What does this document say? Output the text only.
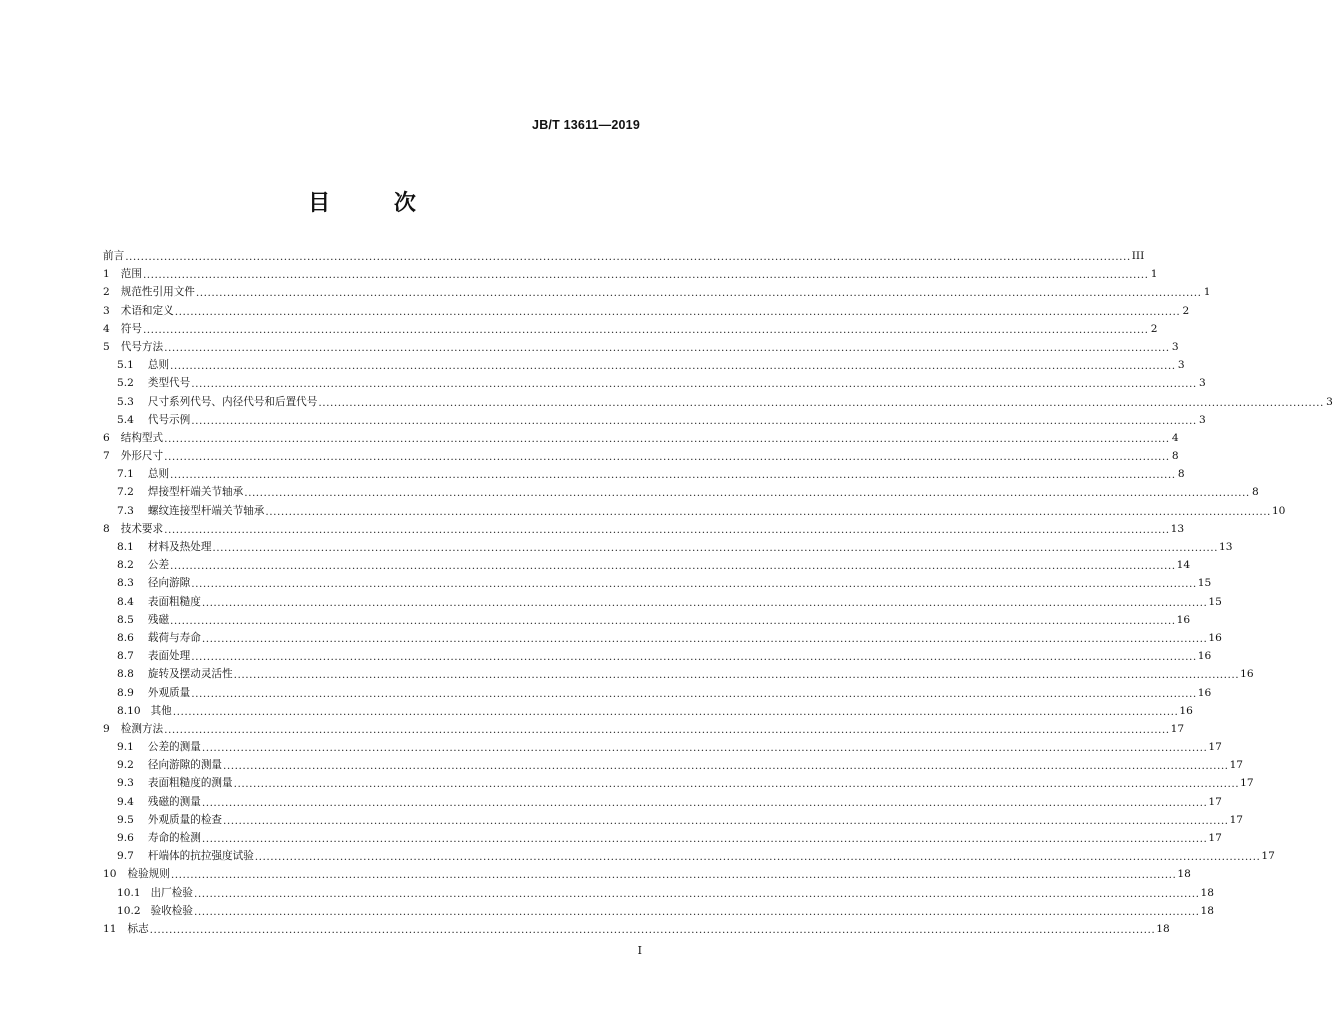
JB/T 13611—2019
目 次
前言 .................................................................................................................................................................................................................................................................... III
1 范围 .................................................................................................................................................................................................................................................................... 1
2 规范性引用文件 .................................................................................................................................................................................................................................................................... 1
3 术语和定义 .................................................................................................................................................................................................................................................................... 2
4 符号 .................................................................................................................................................................................................................................................................... 2
5 代号方法 .................................................................................................................................................................................................................................................................... 3
5.1 总则 .................................................................................................................................................................................................................................................................... 3
5.2 类型代号 .................................................................................................................................................................................................................................................................... 3
5.3 尺寸系列代号、内径代号和后置代号 .................................................................................................................................................................................................................................................................... 3
5.4 代号示例 .................................................................................................................................................................................................................................................................... 3
6 结构型式 .................................................................................................................................................................................................................................................................... 4
7 外形尺寸 .................................................................................................................................................................................................................................................................... 8
7.1 总则 .................................................................................................................................................................................................................................................................... 8
7.2 焊接型杆端关节轴承 .................................................................................................................................................................................................................................................................... 8
7.3 螺纹连接型杆端关节轴承 .................................................................................................................................................................................................................................................................... 10
8 技术要求 .................................................................................................................................................................................................................................................................... 13
8.1 材料及热处理 .................................................................................................................................................................................................................................................................... 13
8.2 公差 .................................................................................................................................................................................................................................................................... 14
8.3 径向游隙 .................................................................................................................................................................................................................................................................... 15
8.4 表面粗糙度 .................................................................................................................................................................................................................................................................... 15
8.5 残磁 .................................................................................................................................................................................................................................................................... 16
8.6 载荷与寿命 .................................................................................................................................................................................................................................................................... 16
8.7 表面处理 .................................................................................................................................................................................................................................................................... 16
8.8 旋转及摆动灵活性 .................................................................................................................................................................................................................................................................... 16
8.9 外观质量 .................................................................................................................................................................................................................................................................... 16
8.10 其他 .................................................................................................................................................................................................................................................................... 16
9 检测方法 .................................................................................................................................................................................................................................................................... 17
9.1 公差的测量 .................................................................................................................................................................................................................................................................... 17
9.2 径向游隙的测量 .................................................................................................................................................................................................................................................................... 17
9.3 表面粗糙度的测量 .................................................................................................................................................................................................................................................................... 17
9.4 残磁的测量 .................................................................................................................................................................................................................................................................... 17
9.5 外观质量的检查 .................................................................................................................................................................................................................................................................... 17
9.6 寿命的检测 .................................................................................................................................................................................................................................................................... 17
9.7 杆端体的抗拉强度试验 .................................................................................................................................................................................................................................................................... 17
10 检验规则 .................................................................................................................................................................................................................................................................... 18
10.1 出厂检验 .................................................................................................................................................................................................................................................................... 18
10.2 验收检验 .................................................................................................................................................................................................................................................................... 18
11 标志 .................................................................................................................................................................................................................................................................... 18
I
